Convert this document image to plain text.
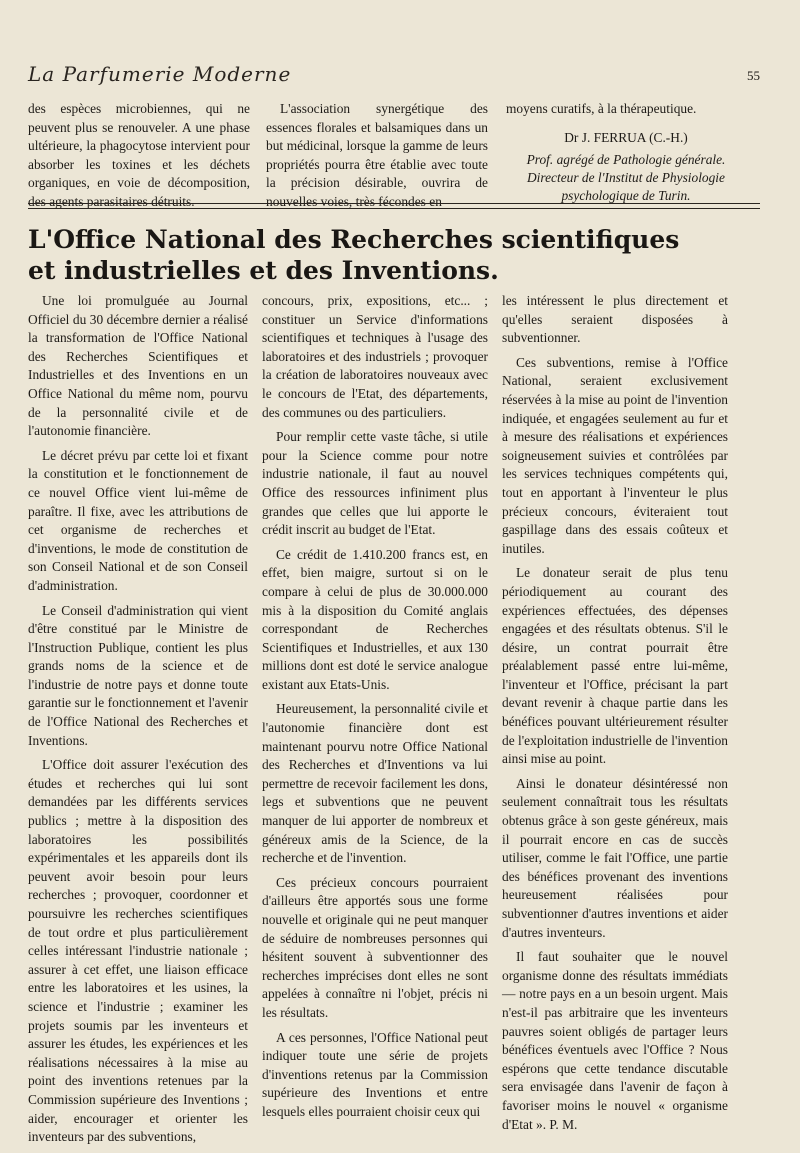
La Parfumerie Moderne	55

des espèces microbiennes, qui ne peuvent plus se renouveler. A une phase ultérieure, la phagocytose intervient pour absorber les toxines et les déchets organiques, en voie de décomposition, des agents parasitaires détruits.

L'association synergétique des essences florales et balsamiques dans un but médicinal, lorsque la gamme de leurs propriétés pourra être établie avec toute la précision désirable, ouvrira de nouvelles voies, très fécondes en

moyens curatifs, à la thérapeutique.

Dr J. FERRUA (C.-H.)

Prof. agrégé de Pathologie générale.

Directeur de l'Institut de Physiologie

psychologique de Turin.

L'Office National des Recherches scientifiques
et industrielles et des Inventions.

Une loi promulguée au Journal Officiel du 30 décembre dernier a réalisé la transformation de l'Office National des Recherches Scientifiques et Industrielles et des Inventions en un Office National du même nom, pourvu de la personnalité civile et de l'autonomie financière.

Le décret prévu par cette loi et fixant la constitution et le fonctionnement de ce nouvel Office vient lui-même de paraître. Il fixe, avec les attributions de cet organisme de recherches et d'inventions, le mode de constitution de son Conseil National et de son Conseil d'administration.

Le Conseil d'administration qui vient d'être constitué par le Ministre de l'Instruction Publique, contient les plus grands noms de la science et de l'industrie de notre pays et donne toute garantie sur le fonctionnement et l'avenir de l'Office National des Recherches et Inventions.

L'Office doit assurer l'exécution des études et recherches qui lui sont demandées par les différents services publics ; mettre à la disposition des laboratoires les possibilités expérimentales et les appareils dont ils peuvent avoir besoin pour leurs recherches ; provoquer, coordonner et poursuivre les recherches scientifiques de tout ordre et plus particulièrement celles intéressant l'industrie nationale ; assurer à cet effet, une liaison efficace entre les laboratoires et les usines, la science et l'industrie ; examiner les projets soumis par les inventeurs et assurer les études, les expériences et les réalisations nécessaires à la mise au point des inventions retenues par la Commission supérieure des Inventions ; aider, encourager et orienter les inventeurs par des subventions,

concours, prix, expositions, etc... ; constituer un Service d'informations scientifiques et techniques à l'usage des laboratoires et des industriels ; provoquer la création de laboratoires nouveaux avec le concours de l'Etat, des départements, des communes ou des particuliers.

Pour remplir cette vaste tâche, si utile pour la Science comme pour notre industrie nationale, il faut au nouvel Office des ressources infiniment plus grandes que celles que lui apporte le crédit inscrit au budget de l'Etat.

Ce crédit de 1.410.200 francs est, en effet, bien maigre, surtout si on le compare à celui de plus de 30.000.000 mis à la disposition du Comité anglais correspondant de Recherches Scientifiques et Industrielles, et aux 130 millions dont est doté le service analogue existant aux Etats-Unis.

Heureusement, la personnalité civile et l'autonomie financière dont est maintenant pourvu notre Office National des Recherches et d'Inventions va lui permettre de recevoir facilement les dons, legs et subventions que ne peuvent manquer de lui apporter de nombreux et généreux amis de la Science, de la recherche et de l'invention.

Ces précieux concours pourraient d'ailleurs être apportés sous une forme nouvelle et originale qui ne peut manquer de séduire de nombreuses personnes qui hésitent souvent à subventionner des recherches imprécises dont elles ne sont appelées à connaître ni l'objet, précis ni les résultats.

A ces personnes, l'Office National peut indiquer toute une série de projets d'inventions retenus par la Commission supérieure des Inventions et entre lesquels elles pourraient choisir ceux qui

les intéressent le plus directement et qu'elles seraient disposées à subventionner.

Ces subventions, remise à l'Office National, seraient exclusivement réservées à la mise au point de l'invention indiquée, et engagées seulement au fur et à mesure des réalisations et expériences soigneusement suivies et contrôlées par les services techniques compétents qui, tout en apportant à l'inventeur le plus précieux concours, éviteraient tout gaspillage dans des essais coûteux et inutiles.

Le donateur serait de plus tenu périodiquement au courant des expériences effectuées, des dépenses engagées et des résultats obtenus. S'il le désire, un contrat pourrait être préalablement passé entre lui-même, l'inventeur et l'Office, précisant la part devant revenir à chaque partie dans les bénéfices pouvant ultérieurement résulter de l'exploitation industrielle de l'invention ainsi mise au point.

Ainsi le donateur désintéressé non seulement connaîtrait tous les résultats obtenus grâce à son geste généreux, mais il pourrait encore en cas de succès utiliser, comme le fait l'Office, une partie des bénéfices provenant des inventions heureusement réalisées pour subventionner d'autres inventions et aider d'autres inventeurs.

Il faut souhaiter que le nouvel organisme donne des résultats immédiats — notre pays en a un besoin urgent. Mais n'est-il pas arbitraire que les inventeurs pauvres soient obligés de partager leurs bénéfices éventuels avec l'Office ? Nous espérons que cette tendance discutable sera envisagée dans l'avenir de façon à favoriser moins le nouvel « organisme d'Etat ». P. M.
